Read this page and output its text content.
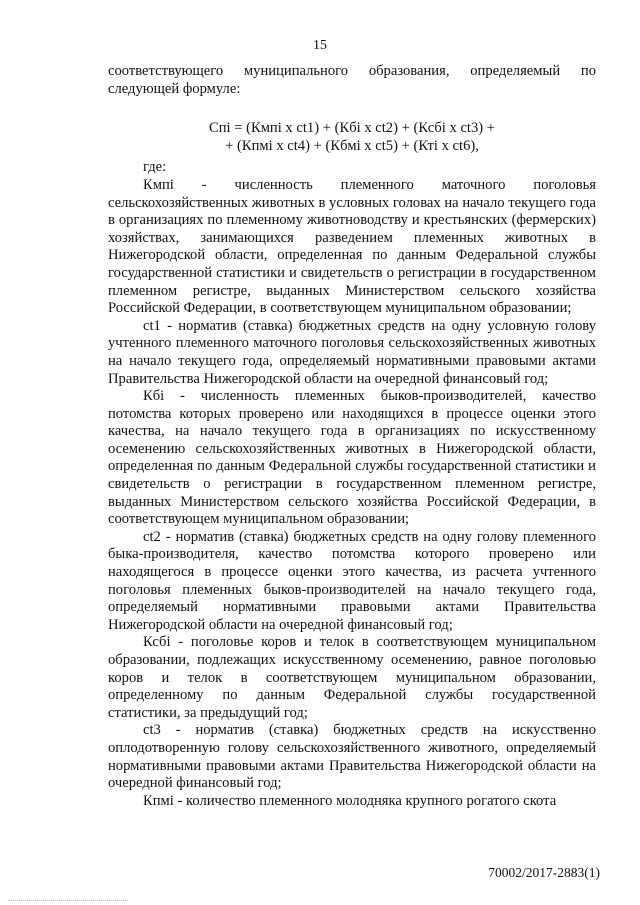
15

соответствующего муниципального образования, определяемый по следующей формуле:

Cпi = (Кмпi х ct1) + (Кбi х ct2) + (Ксбi х ct3) +

+ (Кпмi х ct4) + (Кбмi х ct5) + (Ктi х ct6),

где:

Кмпi - численность племенного маточного поголовья сельскохозяйственных животных в условных головах на начало текущего года в организациях по племенному животноводству и крестьянских (фермерских) хозяйствах, занимающихся разведением племенных животных в Нижегородской области, определенная по данным Федеральной службы государственной статистики и свидетельств о регистрации в государственном племенном регистре, выданных Министерством сельского хозяйства Российской Федерации, в соответствующем муниципальном образовании;

ct1 - норматив (ставка) бюджетных средств на одну условную голову учтенного племенного маточного поголовья сельскохозяйственных животных на начало текущего года, определяемый нормативными правовыми актами Правительства Нижегородской области на очередной финансовый год;

Кбi - численность племенных быков-производителей, качество потомства которых проверено или находящихся в процессе оценки этого качества, на начало текущего года в организациях по искусственному осеменению сельскохозяйственных животных в Нижегородской области, определенная по данным Федеральной службы государственной статистики и свидетельств о регистрации в государственном племенном регистре, выданных Министерством сельского хозяйства Российской Федерации, в соответствующем муниципальном образовании;

ct2 - норматив (ставка) бюджетных средств на одну голову племенного быка-производителя, качество потомства которого проверено или находящегося в процессе оценки этого качества, из расчета учтенного поголовья племенных быков-производителей на начало текущего года, определяемый нормативными правовыми актами Правительства Нижегородской области на очередной финансовый год;

Ксбi - поголовье коров и телок в соответствующем муниципальном образовании, подлежащих искусственному осеменению, равное поголовью коров и телок в соответствующем муниципальном образовании, определенному по данным Федеральной службы государственной статистики, за предыдущий год;

ct3 - норматив (ставка) бюджетных средств на искусственно оплодотворенную голову сельскохозяйственного животного, определяемый нормативными правовыми актами Правительства Нижегородской области на очередной финансовый год;

Кпмi - количество племенного молодняка крупного рогатого скота

70002/2017-2883(1)
